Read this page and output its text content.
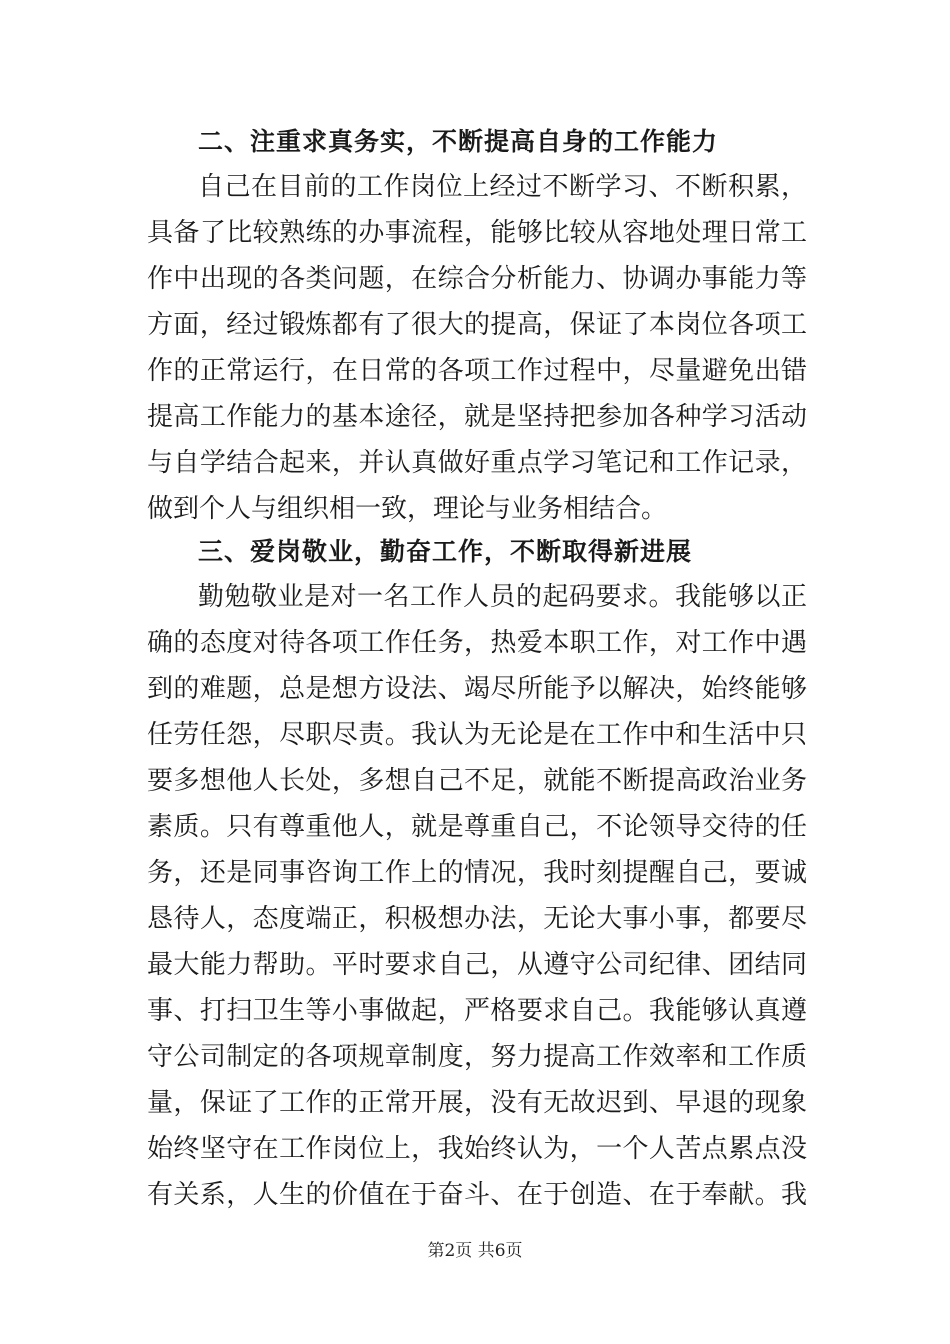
二、注重求真务实，不断提高自身的工作能力
自己在目前的工作岗位上经过不断学习、不断积累，
具备了比较熟练的办事流程，能够比较从容地处理日常工
作中出现的各类问题，在综合分析能力、协调办事能力等
方面，经过锻炼都有了很大的提高，保证了本岗位各项工
作的正常运行，在日常的各项工作过程中，尽量避免出错
提高工作能力的基本途径，就是坚持把参加各种学习活动
与自学结合起来，并认真做好重点学习笔记和工作记录，
做到个人与组织相一致，理论与业务相结合。
三、爱岗敬业，勤奋工作，不断取得新进展
勤勉敬业是对一名工作人员的起码要求。我能够以正
确的态度对待各项工作任务，热爱本职工作，对工作中遇
到的难题，总是想方设法、竭尽所能予以解决，始终能够
任劳任怨，尽职尽责。我认为无论是在工作中和生活中只
要多想他人长处，多想自己不足，就能不断提高政治业务
素质。只有尊重他人，就是尊重自己，不论领导交待的任
务，还是同事咨询工作上的情况，我时刻提醒自己，要诚
恳待人，态度端正，积极想办法，无论大事小事，都要尽
最大能力帮助。平时要求自己，从遵守公司纪律、团结同
事、打扫卫生等小事做起，严格要求自己。我能够认真遵
守公司制定的各项规章制度，努力提高工作效率和工作质
量，保证了工作的正常开展，没有无故迟到、早退的现象
始终坚守在工作岗位上，我始终认为，一个人苦点累点没
有关系，人生的价值在于奋斗、在于创造、在于奉献。我
第2页 共6页
